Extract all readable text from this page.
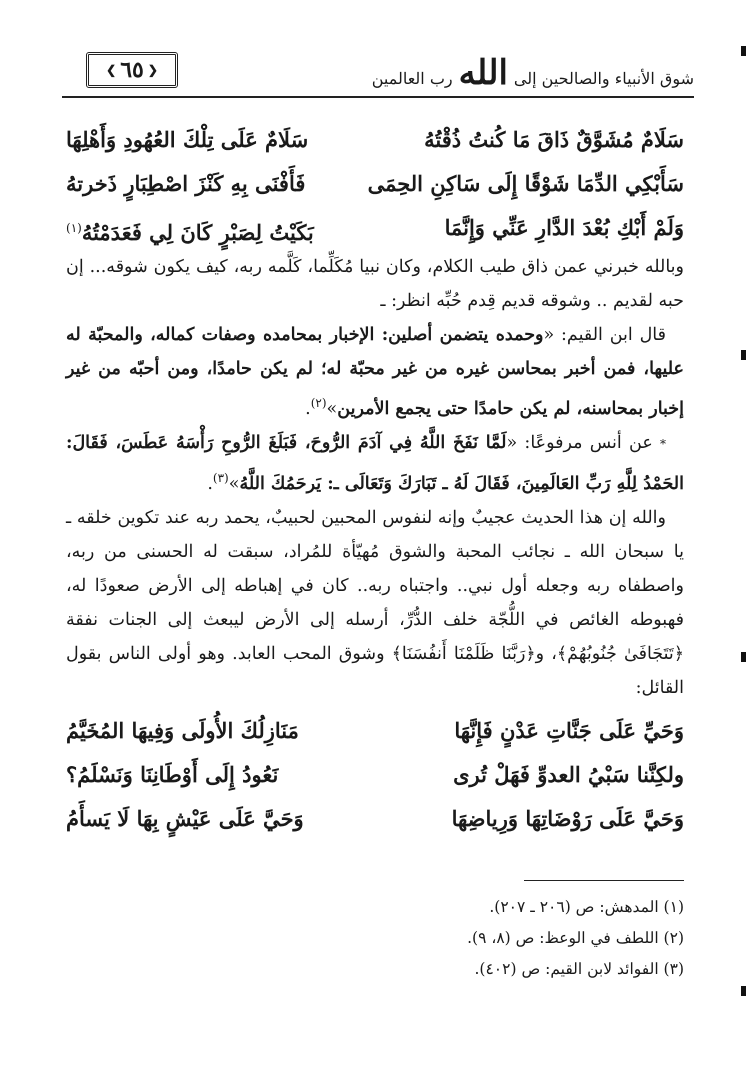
شوق الأنبياء والصالحين إلى
الله
رب العالمين
❮
٦٥
❯
سَلَامٌ مُشَوَّقٌ ذَاقَ مَا كُنتُ ذُقْتُهُ
سَلَامٌ عَلَى تِلْكَ العُهُودِ وَأَهْلِهَا
سَأَبْكِي الدِّمَا شَوْقًا إِلَى سَاكِنِ الحِمَى
فَأَفْنَى بِهِ كَنْزَ اصْطِبَارٍ ذَخرتهُ
وَلَمْ أَبْكِ بُعْدَ الدَّارِ عَنِّي وَإِنَّمَا
بَكَيْتُ لِصَبْرٍ كَانَ لِي فَعَدَمْتُهُ$^{(١)}$

وبالله خبرني عمن ذاق طيب الكلام، وكان نبيا مُكَلِّما، كَلَّمه ربه، كيف يكون شوقه... إن حبه لقديم .. وشوقه قديم قِدم حُبِّه انظر: ـ

قال ابن القيم: «وحمده يتضمن أصلين: الإخبار بمحامده وصفات كماله، والمحبّة له عليها، فمن أخبر بمحاسن غيره من غير محبّة له؛ لم يكن حامدًا، ومن أحبّه من غير إخبار بمحاسنه، لم يكن حامدًا حتى يجمع الأمرين»$^{(٢)}$.

* عن أنس مرفوعًا: «لَمَّا نَفَخَ اللَّهُ فِي آدَمَ الرُّوحَ، فَبَلَغَ الرُّوحِ رَأْسَهُ عَطَسَ، فَقَالَ: الحَمْدُ لِلَّهِ رَبِّ العَالَمِينَ، فَقَالَ لَهُ ـ تَبَارَكَ وَتَعَالَى ـ: يَرحَمُكَ اللَّهُ»$^{(٣)}$.

والله إن هذا الحديث عجيبٌ وإنه لنفوس المحبين لحبيبٌ، يحمد ربه عند تكوين خلقه ـ يا سبحان الله ـ نجائب المحبة والشوق مُهيّأة للمُراد، سبقت له الحسنى من ربه، واصطفاه ربه وجعله أول نبي.. واجتباه ربه.. كان في إهباطه إلى الأرض صعودًا له، فهبوطه الغائص في اللُّجّة خلف الدُّرِّ، أرسله إلى الأرض ليبعث إلى الجنات نفقة ﴿تَتَجَافَىٰ جُنُوبُهُمْ﴾، و﴿رَبَّنَا ظَلَمْنَا أَنفُسَنَا﴾ وشوق المحب العابد. وهو أولى الناس بقول القائل:

وَحَيِّ عَلَى جَنَّاتِ عَدْنٍ فَإِنَّهَا
مَنَازِلُكَ الأُولَى وَفِيهَا المُخَيَّمُ
ولكِنَّنا سَبْيُ العدوِّ فَهَلْ تُرى
نَعُودُ إِلَى أَوْطَانِنَا وَنَسْلَمُ؟
وَحَيَّ عَلَى رَوْضَاتِهَا وَرِياضِهَا
وَحَيَّ عَلَى عَيْشٍ بِهَا لَا يَسأَمُ
(١) المدهش: ص (٢٠٦ ـ ٢٠٧).
(٢) اللطف في الوعظ: ص (٨، ٩).
(٣) الفوائد لابن القيم: ص (٤٠٢).
